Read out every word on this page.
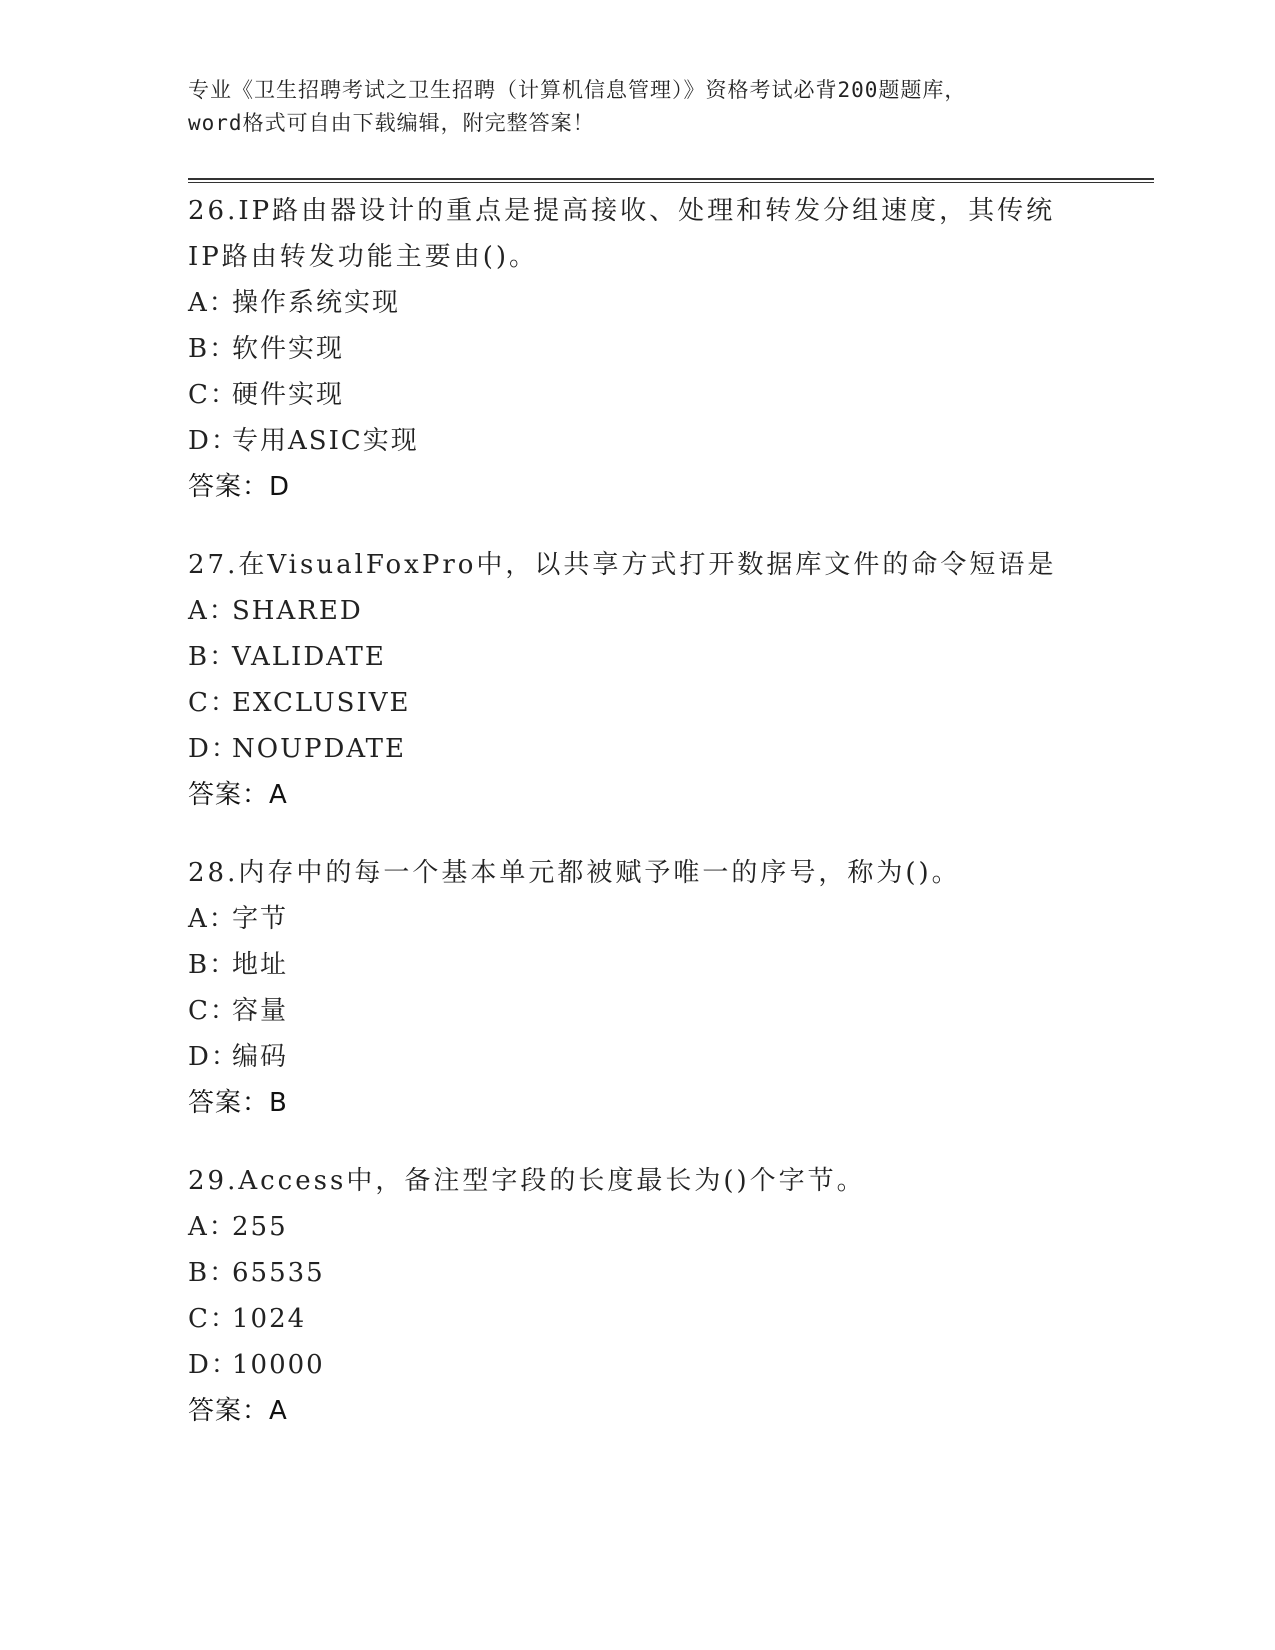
专业《卫生招聘考试之卫生招聘（计算机信息管理）》资格考试必背200题题库，
word格式可自由下载编辑，附完整答案！
26.IP路由器设计的重点是提高接收、处理和转发分组速度，其传统
IP路由转发功能主要由()。
A：操作系统实现
B：软件实现
C：硬件实现
D：专用ASIC实现
答案：D
27.在VisualFoxPro中，以共享方式打开数据库文件的命令短语是
A：SHARED
B：VALIDATE
C：EXCLUSIVE
D：NOUPDATE
答案：A
28.内存中的每一个基本单元都被赋予唯一的序号，称为()。
A：字节
B：地址
C：容量
D：编码
答案：B
29.Access中，备注型字段的长度最长为()个字节。
A：255
B：65535
C：1024
D：10000
答案：A
